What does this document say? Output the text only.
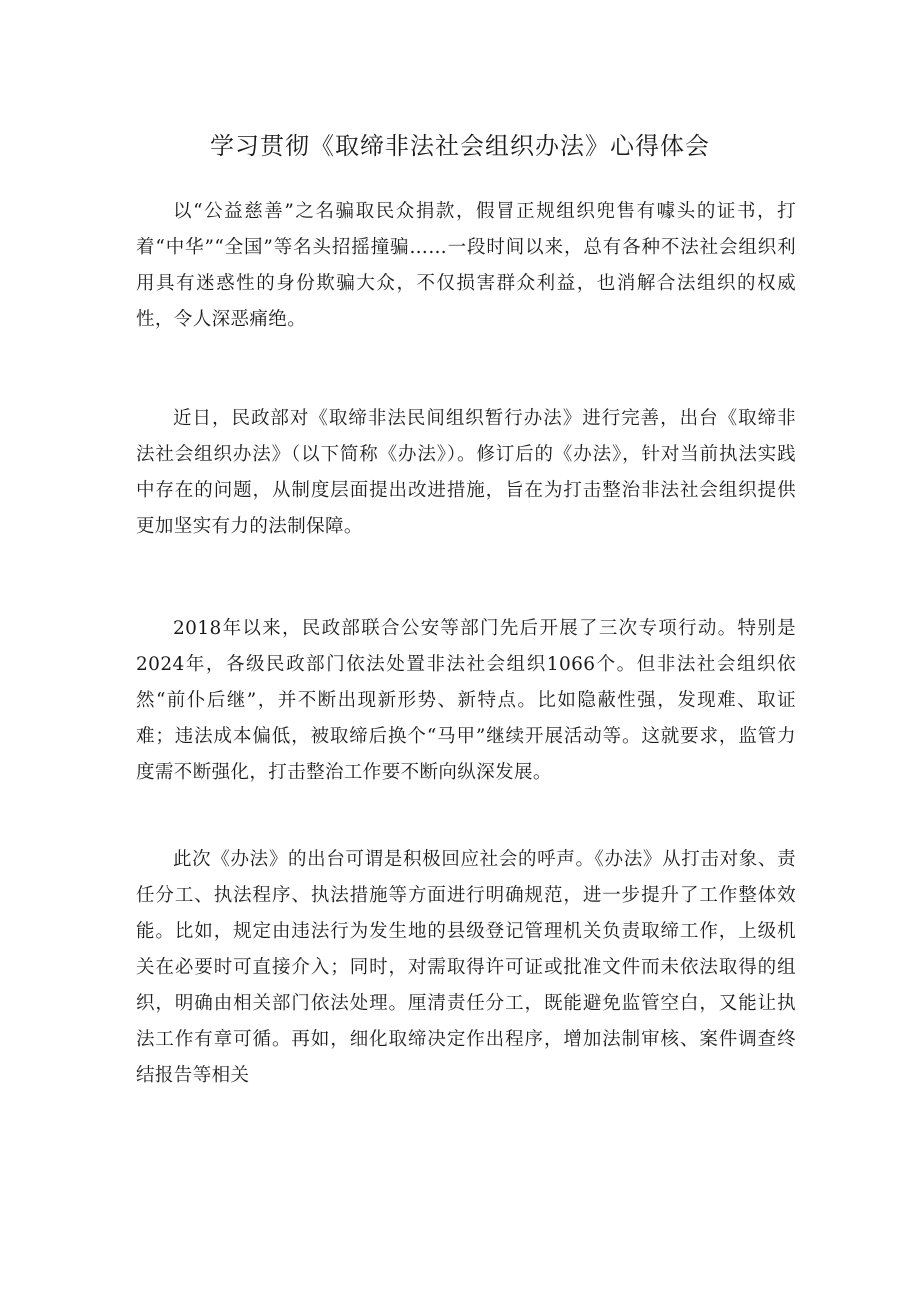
学习贯彻《取缔非法社会组织办法》心得体会

以“公益慈善”之名骗取民众捐款，假冒正规组织兜售有噱头的证书，打着“中华”“全国”等名头招摇撞骗……一段时间以来，总有各种不法社会组织利用具有迷惑性的身份欺骗大众，不仅损害群众利益，也消解合法组织的权威性，令人深恶痛绝。

近日，民政部对《取缔非法民间组织暂行办法》进行完善，出台《取缔非法社会组织办法》（以下简称《办法》）。修订后的《办法》，针对当前执法实践中存在的问题，从制度层面提出改进措施，旨在为打击整治非法社会组织提供更加坚实有力的法制保障。

2018年以来，民政部联合公安等部门先后开展了三次专项行动。特别是2024年，各级民政部门依法处置非法社会组织1066个。但非法社会组织依然“前仆后继”，并不断出现新形势、新特点。比如隐蔽性强，发现难、取证难；违法成本偏低，被取缔后换个“马甲”继续开展活动等。这就要求，监管力度需不断强化，打击整治工作要不断向纵深发展。

此次《办法》的出台可谓是积极回应社会的呼声。《办法》从打击对象、责任分工、执法程序、执法措施等方面进行明确规范，进一步提升了工作整体效能。比如，规定由违法行为发生地的县级登记管理机关负责取缔工作，上级机关在必要时可直接介入；同时，对需取得许可证或批准文件而未依法取得的组织，明确由相关部门依法处理。厘清责任分工，既能避免监管空白，又能让执法工作有章可循。再如，细化取缔决定作出程序，增加法制审核、案件调查终结报告等相关
